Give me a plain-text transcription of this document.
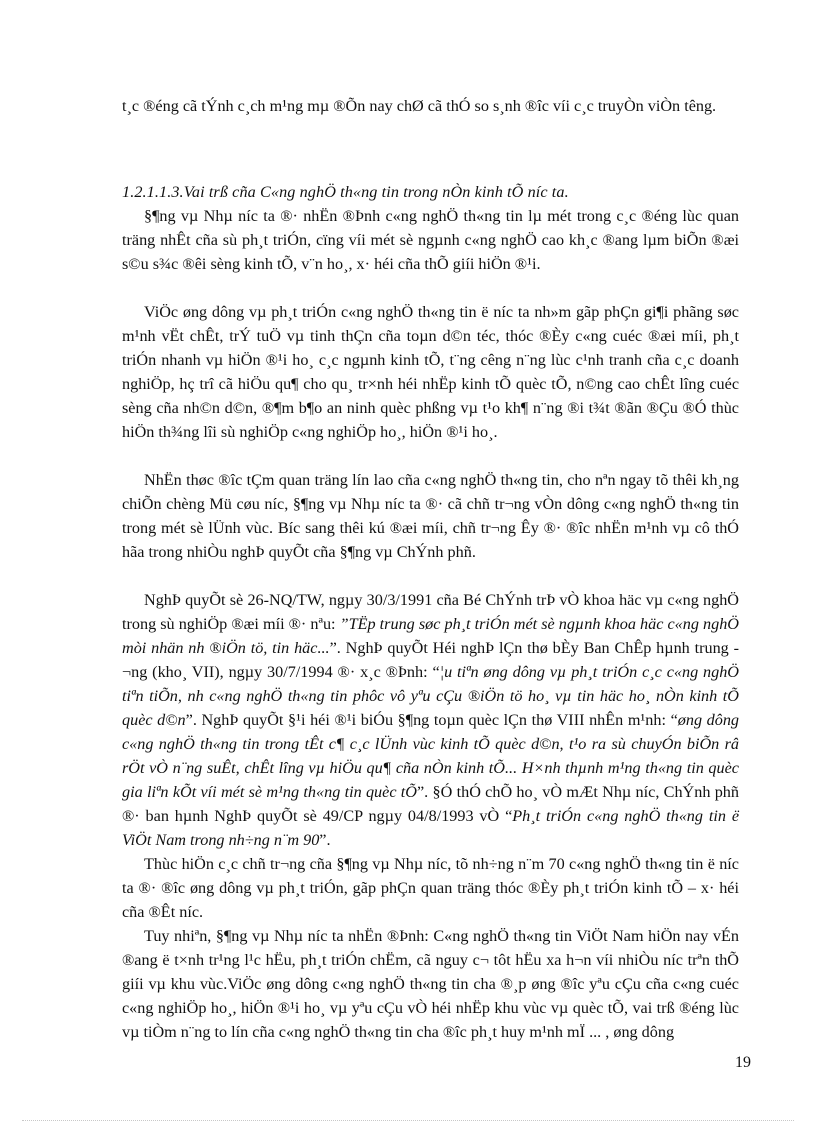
t¸c ®éng cã tÝnh c¸ch m¹ng mµ ®Õn nay chØ cã thÓ so s¸nh ®îc víi c¸c truyÒn viÒn têng.

1.2.1.1.3.Vai trß cña C«ng nghÖ th«ng tin trong nÒn kinh tÕ níc ta.

§¶ng vµ Nhµ níc ta ®· nhËn ®Þnh c«ng nghÖ th«ng tin lµ mét trong c¸c ®éng lùc quan träng nhÊt cña sù ph¸t triÓn, cïng víi mét sè ngµnh c«ng nghÖ cao kh¸c ®ang lµm biÕn ®æi s©u s¾c ®êi sèng kinh tÕ, v¨n ho¸, x· héi cña thÕ giíi hiÖn ®¹i.

ViÖc øng dông vµ ph¸t triÓn c«ng nghÖ th«ng tin ë níc ta nh»m gãp phÇn gi¶i phãng søc m¹nh vËt chÊt, trÝ tuÖ vµ tinh thÇn cña toµn d©n téc, thóc ®Èy c«ng cuéc ®æi míi, ph¸t triÓn nhanh vµ hiÖn ®¹i ho¸ c¸c ngµnh kinh tÕ, t¨ng cêng n¨ng lùc c¹nh tranh cña c¸c doanh nghiÖp, hç trî cã hiÖu qu¶ cho qu¸ tr×nh héi nhËp kinh tÕ quèc tÕ, n©ng cao chÊt lîng cuéc sèng cña nh©n d©n, ®¶m b¶o an ninh quèc phßng vµ t¹o kh¶ n¨ng ®i t¾t ®ãn ®Çu ®Ó thùc hiÖn th¾ng lîi sù nghiÖp c«ng nghiÖp ho¸, hiÖn ®¹i ho¸.

NhËn thøc ®îc tÇm quan träng lín lao cña c«ng nghÖ th«ng tin, cho nªn ngay tõ thêi kh¸ng chiÕn chèng Mü cøu níc, §¶ng vµ Nhµ níc ta ®· cã chñ tr¬ng vÒn dông c«ng nghÖ th«ng tin trong mét sè lÜnh vùc. Bíc sang thêi kú ®æi míi, chñ tr¬ng Êy ®· ®îc nhËn m¹nh vµ cô thÓ hãa trong nhiÒu nghÞ quyÕt cña §¶ng vµ ChÝnh phñ.

NghÞ quyÕt sè 26-NQ/TW, ngµy 30/3/1991 cña Bé ChÝnh trÞ vÒ khoa häc vµ c«ng nghÖ trong sù nghiÖp ®æi míi ®· nªu: ”TËp trung søc ph¸t triÓn mét sè ngµnh khoa häc c«ng nghÖ mòi nhän nh ®iÖn tö, tin häc...”. NghÞ quyÕt Héi nghÞ lÇn thø bÈy Ban ChÊp hµnh trung ¬ng (kho¸ VII), ngµy 30/7/1994 ®· x¸c ®Þnh: “¦u tiªn øng dông vµ ph¸t triÓn c¸c c«ng nghÖ tiªn tiÕn, nh c«ng nghÖ th«ng tin phôc vô yªu cÇu ®iÖn tö ho¸ vµ tin häc ho¸ nÒn kinh tÕ quèc d©n”. NghÞ quyÕt §¹i héi ®¹i biÓu §¶ng toµn quèc lÇn thø VIII nhÊn m¹nh: “øng dông c«ng nghÖ th«ng tin trong tÊt c¶ c¸c lÜnh vùc kinh tÕ quèc d©n, t¹o ra sù chuyÓn biÕn râ rÖt vÒ n¨ng suÊt, chÊt lîng vµ hiÖu qu¶ cña nÒn kinh tÕ... H×nh thµnh m¹ng th«ng tin quèc gia liªn kÕt víi mét sè m¹ng th«ng tin quèc tÕ”. §Ó thÓ chÕ ho¸ vÒ mÆt Nhµ níc, ChÝnh phñ ®· ban hµnh NghÞ quyÕt sè 49/CP ngµy 04/8/1993 vÒ “Ph¸t triÓn c«ng nghÖ th«ng tin ë ViÖt Nam trong nh÷ng n¨m 90”.

Thùc hiÖn c¸c chñ tr¬ng cña §¶ng vµ Nhµ níc, tõ nh÷ng n¨m 70 c«ng nghÖ th«ng tin ë níc ta ®· ®îc øng dông vµ ph¸t triÓn, gãp phÇn quan träng thóc ®Èy ph¸t triÓn kinh tÕ – x· héi cña ®Êt níc.

Tuy nhiªn, §¶ng vµ Nhµ níc ta nhËn ®Þnh: C«ng nghÖ th«ng tin ViÖt Nam hiÖn nay vÉn ®ang ë t×nh tr¹ng l¹c hËu, ph¸t triÓn chËm, cã nguy c¬ tôt hËu xa h¬n víi nhiÒu níc trªn thÕ giíi vµ khu vùc.ViÖc øng dông c«ng nghÖ th«ng tin cha ®¸p øng ®îc yªu cÇu cña c«ng cuéc c«ng nghiÖp ho¸, hiÖn ®¹i ho¸ vµ yªu cÇu vÒ héi nhËp khu vùc vµ quèc tÕ, vai trß ®éng lùc vµ tiÒm n¨ng to lín cña c«ng nghÖ th«ng tin cha ®îc ph¸t huy m¹nh mÏ ... , øng dông

19
